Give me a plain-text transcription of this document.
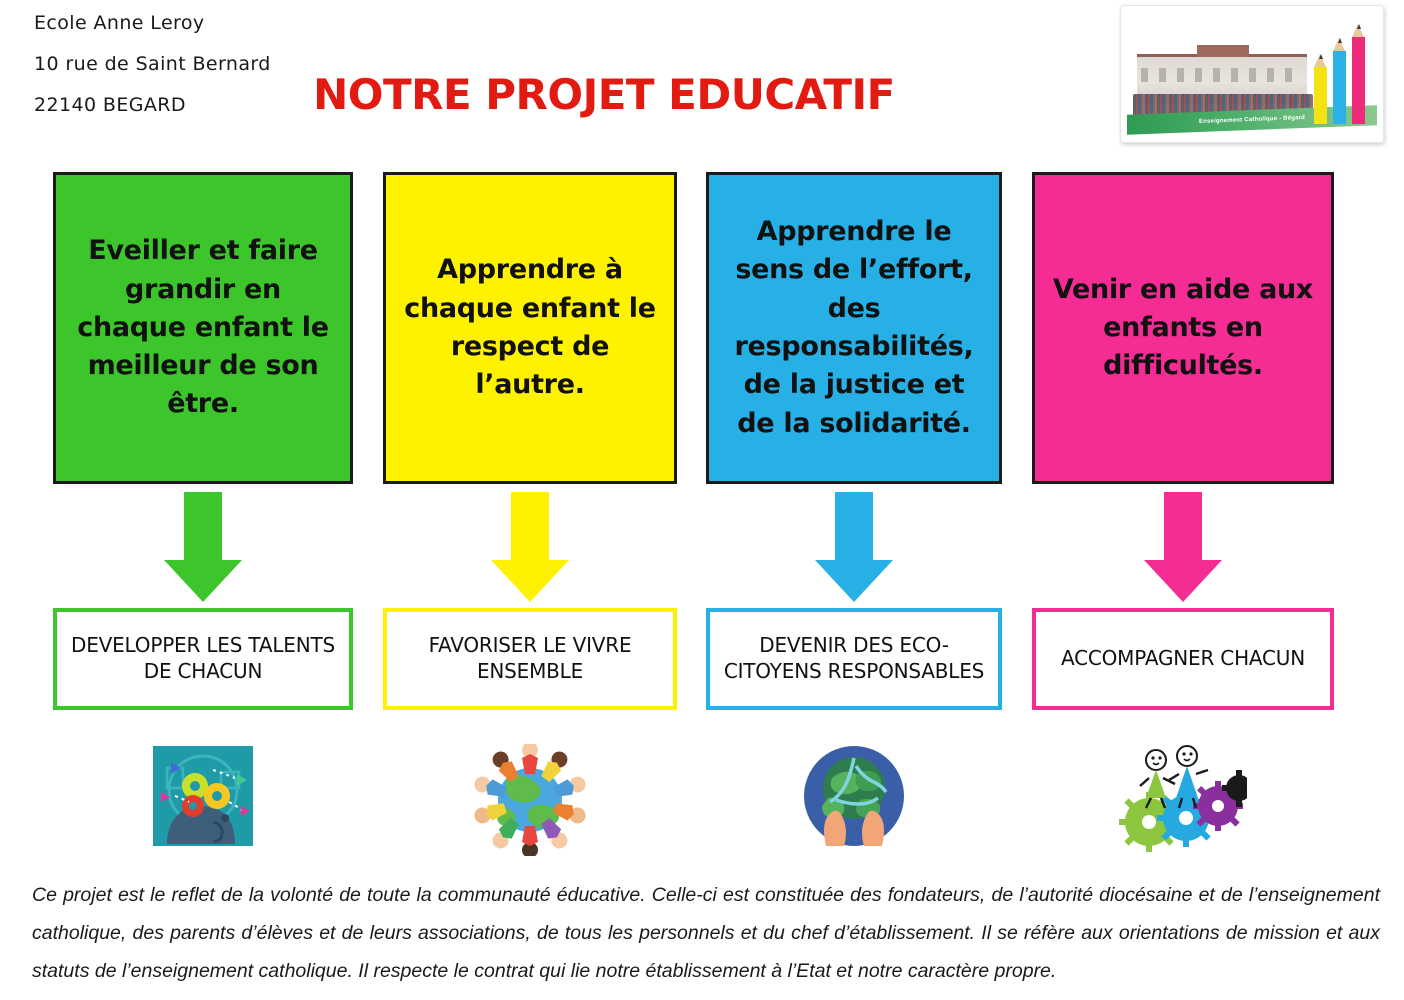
Ecole Anne Leroy
10 rue de Saint Bernard
22140 BEGARD	NOTRE PROJET EDUCATIF
Enseignement Catholique - Bégard
Eveiller et faire grandir en chaque enfant le meilleur de son être.
DEVELOPPER LES TALENTS DE CHACUN
Apprendre à chaque enfant le respect de l’autre.
FAVORISER LE VIVRE ENSEMBLE
Apprendre le sens de l’effort, des responsabilités, de la justice et de la solidarité.
DEVENIR DES ECO-CITOYENS RESPONSABLES
Venir en aide aux enfants en difficultés.
ACCOMPAGNER CHACUN
Ce projet est le reflet de la volonté de toute la communauté éducative. Celle-ci est constituée des fondateurs, de l’autorité diocésaine et de l’enseignement catholique, des parents d’élèves et de leurs associations, de tous les personnels et du chef d’établissement. Il se réfère aux orientations de mission et aux statuts de l’enseignement catholique. Il respecte le contrat qui lie notre établissement à l’Etat et notre caractère propre.
